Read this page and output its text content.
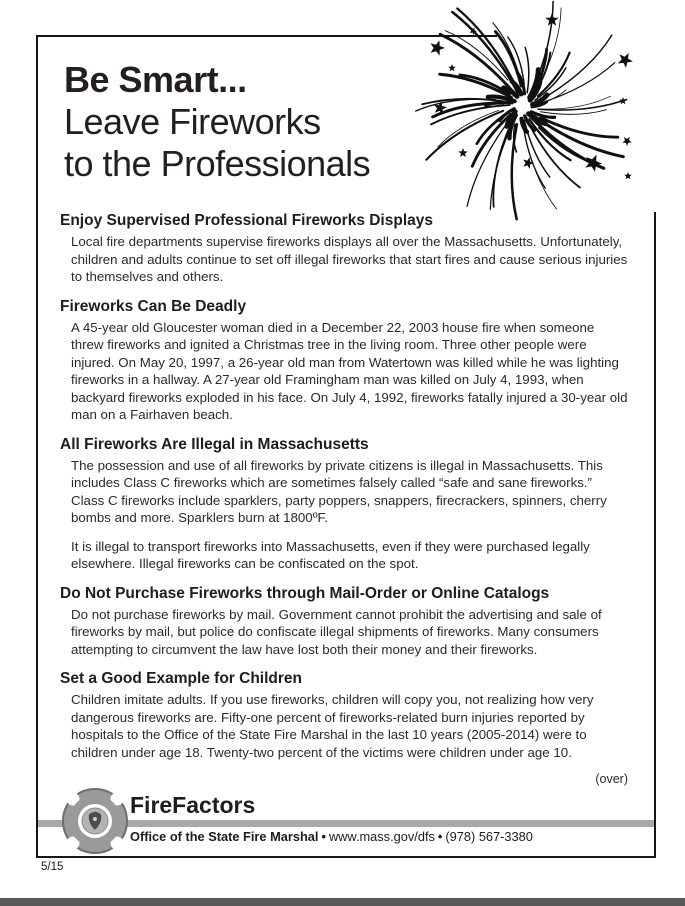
Be Smart...
Leave Fireworks
to the Professionals
Enjoy Supervised Professional Fireworks Displays

Local fire departments supervise fireworks displays all over the Massachusetts. Unfortunately, children and adults continue to set off illegal fireworks that start fires and cause serious injuries to themselves and others.

Fireworks Can Be Deadly

A 45-year old Gloucester woman died in a December 22, 2003 house fire when someone threw fireworks and ignited a Christmas tree in the living room. Three other people were injured. On May 20, 1997, a 26-year old man from Watertown was killed while he was lighting fireworks in a hallway. A 27-year old Framingham man was killed on July 4, 1993, when backyard fireworks exploded in his face. On July 4, 1992, fireworks fatally injured a 30-year old man on a Fairhaven beach.

All Fireworks Are Illegal in Massachusetts

The possession and use of all fireworks by private citizens is illegal in Massachusetts. This includes Class C fireworks which are sometimes falsely called “safe and sane fireworks.” Class C fireworks include sparklers, party poppers, snappers, firecrackers, spinners, cherry bombs and more. Sparklers burn at 1800ºF.

It is illegal to transport fireworks into Massachusetts, even if they were purchased legally elsewhere. Illegal fireworks can be confiscated on the spot.

Do Not Purchase Fireworks through Mail-Order or Online Catalogs

Do not purchase fireworks by mail. Government cannot prohibit the advertising and sale of fireworks by mail, but police do confiscate illegal shipments of fireworks. Many consumers attempting to circumvent the law have lost both their money and their fireworks.

Set a Good Example for Children

Children imitate adults. If you use fireworks, children will copy you, not realizing how very dangerous fireworks are. Fifty-one percent of fireworks-related burn injuries reported by hospitals to the Office of the State Fire Marshal in the last 10 years (2005-2014) were to children under age 18. Twenty-two percent of the victims were children under age 10.

(over)
FireFactors
Office of the State Fire Marshal • www.mass.gov/dfs • (978) 567-3380
5/15
